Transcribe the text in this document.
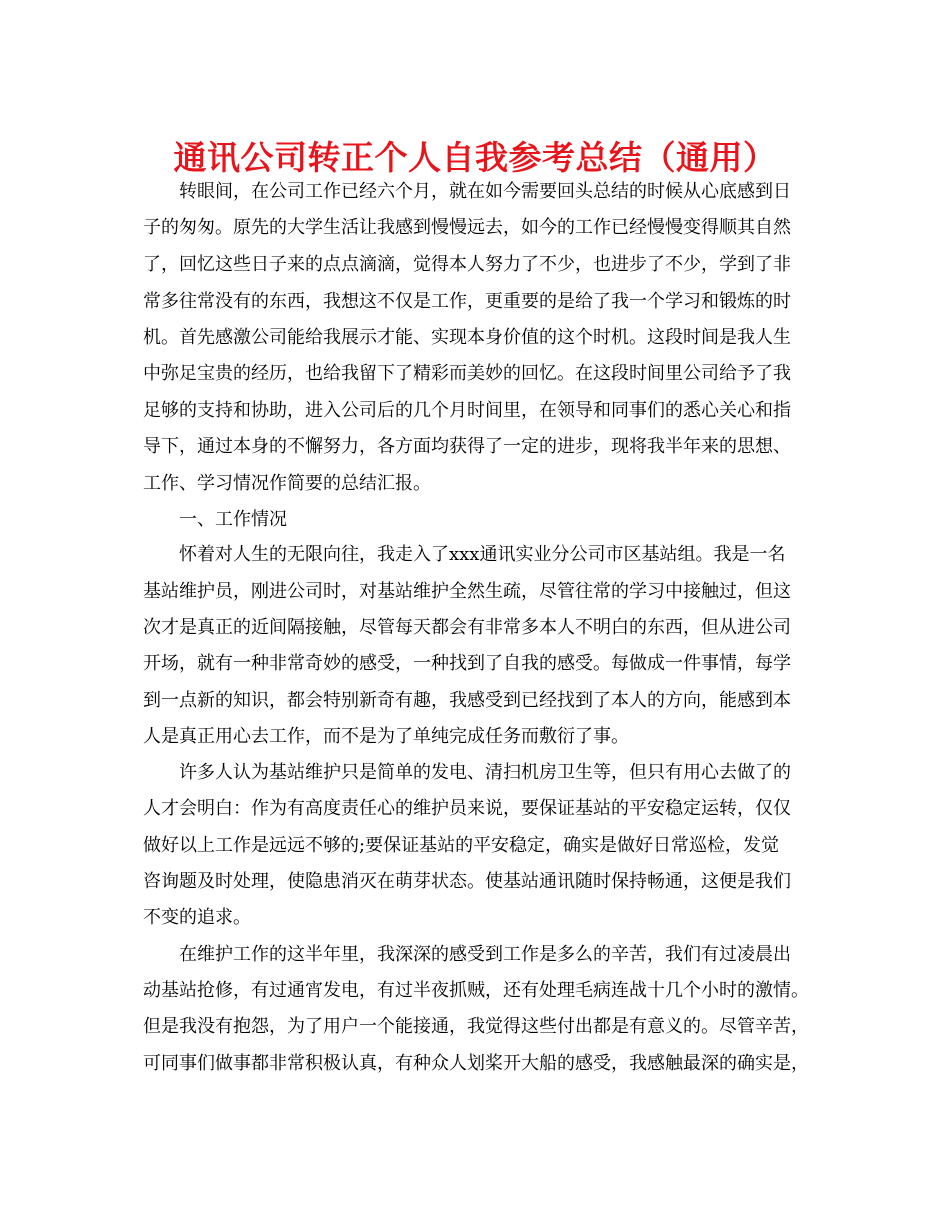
通讯公司转正个人自我参考总结（通用）
转眼间，在公司工作已经六个月，就在如今需要回头总结的时候从心底感到日
子的匆匆。原先的大学生活让我感到慢慢远去，如今的工作已经慢慢变得顺其自然
了，回忆这些日子来的点点滴滴，觉得本人努力了不少，也进步了不少，学到了非
常多往常没有的东西，我想这不仅是工作，更重要的是给了我一个学习和锻炼的时
机。首先感激公司能给我展示才能、实现本身价值的这个时机。这段时间是我人生
中弥足宝贵的经历，也给我留下了精彩而美妙的回忆。在这段时间里公司给予了我
足够的支持和协助，进入公司后的几个月时间里，在领导和同事们的悉心关心和指
导下，通过本身的不懈努力，各方面均获得了一定的进步，现将我半年来的思想、
工作、学习情况作简要的总结汇报。
一、工作情况
怀着对人生的无限向往，我走入了xxx通讯实业分公司市区基站组。我是一名
基站维护员，刚进公司时，对基站维护全然生疏，尽管往常的学习中接触过，但这
次才是真正的近间隔接触，尽管每天都会有非常多本人不明白的东西，但从进公司
开场，就有一种非常奇妙的感受，一种找到了自我的感受。每做成一件事情，每学
到一点新的知识，都会特别新奇有趣，我感受到已经找到了本人的方向，能感到本
人是真正用心去工作，而不是为了单纯完成任务而敷衍了事。
许多人认为基站维护只是简单的发电、清扫机房卫生等，但只有用心去做了的
人才会明白：作为有高度责任心的维护员来说，要保证基站的平安稳定运转，仅仅
做好以上工作是远远不够的;要保证基站的平安稳定，确实是做好日常巡检，发觉
咨询题及时处理，使隐患消灭在萌芽状态。使基站通讯随时保持畅通，这便是我们
不变的追求。
在维护工作的这半年里，我深深的感受到工作是多么的辛苦，我们有过凌晨出
动基站抢修，有过通宵发电，有过半夜抓贼，还有处理毛病连战十几个小时的激情。
但是我没有抱怨，为了用户一个能接通，我觉得这些付出都是有意义的。尽管辛苦，
可同事们做事都非常积极认真，有种众人划桨开大船的感受，我感触最深的确实是，
